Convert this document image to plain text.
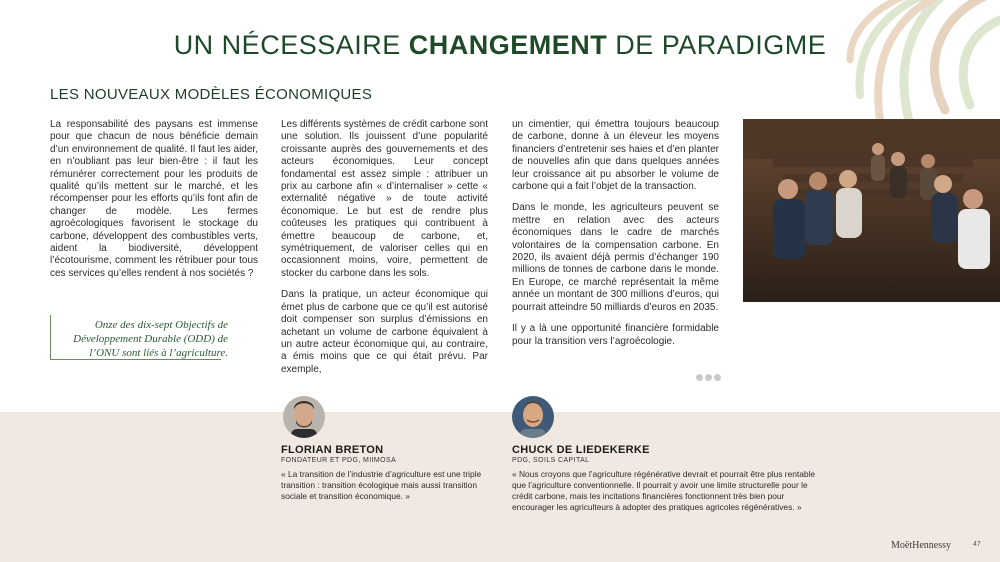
UN NÉCESSAIRE CHANGEMENT DE PARADIGME
LES NOUVEAUX MODÈLES ÉCONOMIQUES

La responsabilité des paysans est immense pour que chacun de nous bénéficie demain d’un environnement de qualité. Il faut les aider, en n’oubliant pas leur bien-être : il faut les rémunérer correctement pour les produits de qualité qu’ils mettent sur le marché, et les récompenser pour les efforts qu’ils font afin de changer de modèle. Les fermes agroécologiques favorisent le stockage du carbone, développent des combustibles verts, aident la biodiversité, développent l’écotourisme, comment les rétribuer pour tous ces services qu’elles rendent à nos sociétés ?

Onze des dix-sept Objectifs de Développement Durable (ODD) de l’ONU sont liés à l’agriculture.

Les différents systèmes de crédit carbone sont une solution. Ils jouissent d’une popularité croissante auprès des gouvernements et des acteurs économiques. Leur concept fondamental est assez simple : attribuer un prix au carbone afin « d’internaliser » cette « externalité négative » de toute activité économique. Le but est de rendre plus coûteuses les pratiques qui contribuent à émettre beaucoup de carbone, et, symétriquement, de valoriser celles qui en occasionnent moins, voire, permettent de stocker du carbone dans les sols.

Dans la pratique, un acteur économique qui émet plus de carbone que ce qu’il est autorisé doit compenser son surplus d’émissions en achetant un volume de carbone équivalent à un autre acteur économique qui, au contraire, a émis moins que ce qui était prévu. Par exemple,

un cimentier, qui émettra toujours beaucoup de carbone, donne à un éleveur les moyens financiers d’entretenir ses haies et d’en planter de nouvelles afin que dans quelques années leur croissance ait pu absorber le volume de carbone qui a fait l’objet de la transaction.

Dans le monde, les agriculteurs peuvent se mettre en relation avec des acteurs économiques dans le cadre de marchés volontaires de la compensation carbone. En 2020, ils avaient déjà permis d’échanger 190 millions de tonnes de carbone dans le monde. En Europe, ce marché représentait la même année un montant de 300 millions d’euros, qui pourrait atteindre 50 milliards d’euros en 2035.

Il y a là une opportunité financière formidable pour la transition vers l’agroécologie.

FLORIAN BRETON
FONDATEUR ET PDG, MIIMOSA
« La transition de l’industrie d’agriculture est une triple transition : transition écologique mais aussi transition sociale et transition économique. »
CHUCK DE LIEDEKERKE
PDG, SOILS CAPITAL
« Nous croyons que l’agriculture régénérative devrait et pourrait être plus rentable que l’agriculture conventionnelle. Il pourrait y avoir une limite structurelle pour le crédit carbone, mais les incitations financières fonctionnent très bien pour encourager les agriculteurs à adopter des pratiques agricoles régénératives. »
MoëtHennessy	47
